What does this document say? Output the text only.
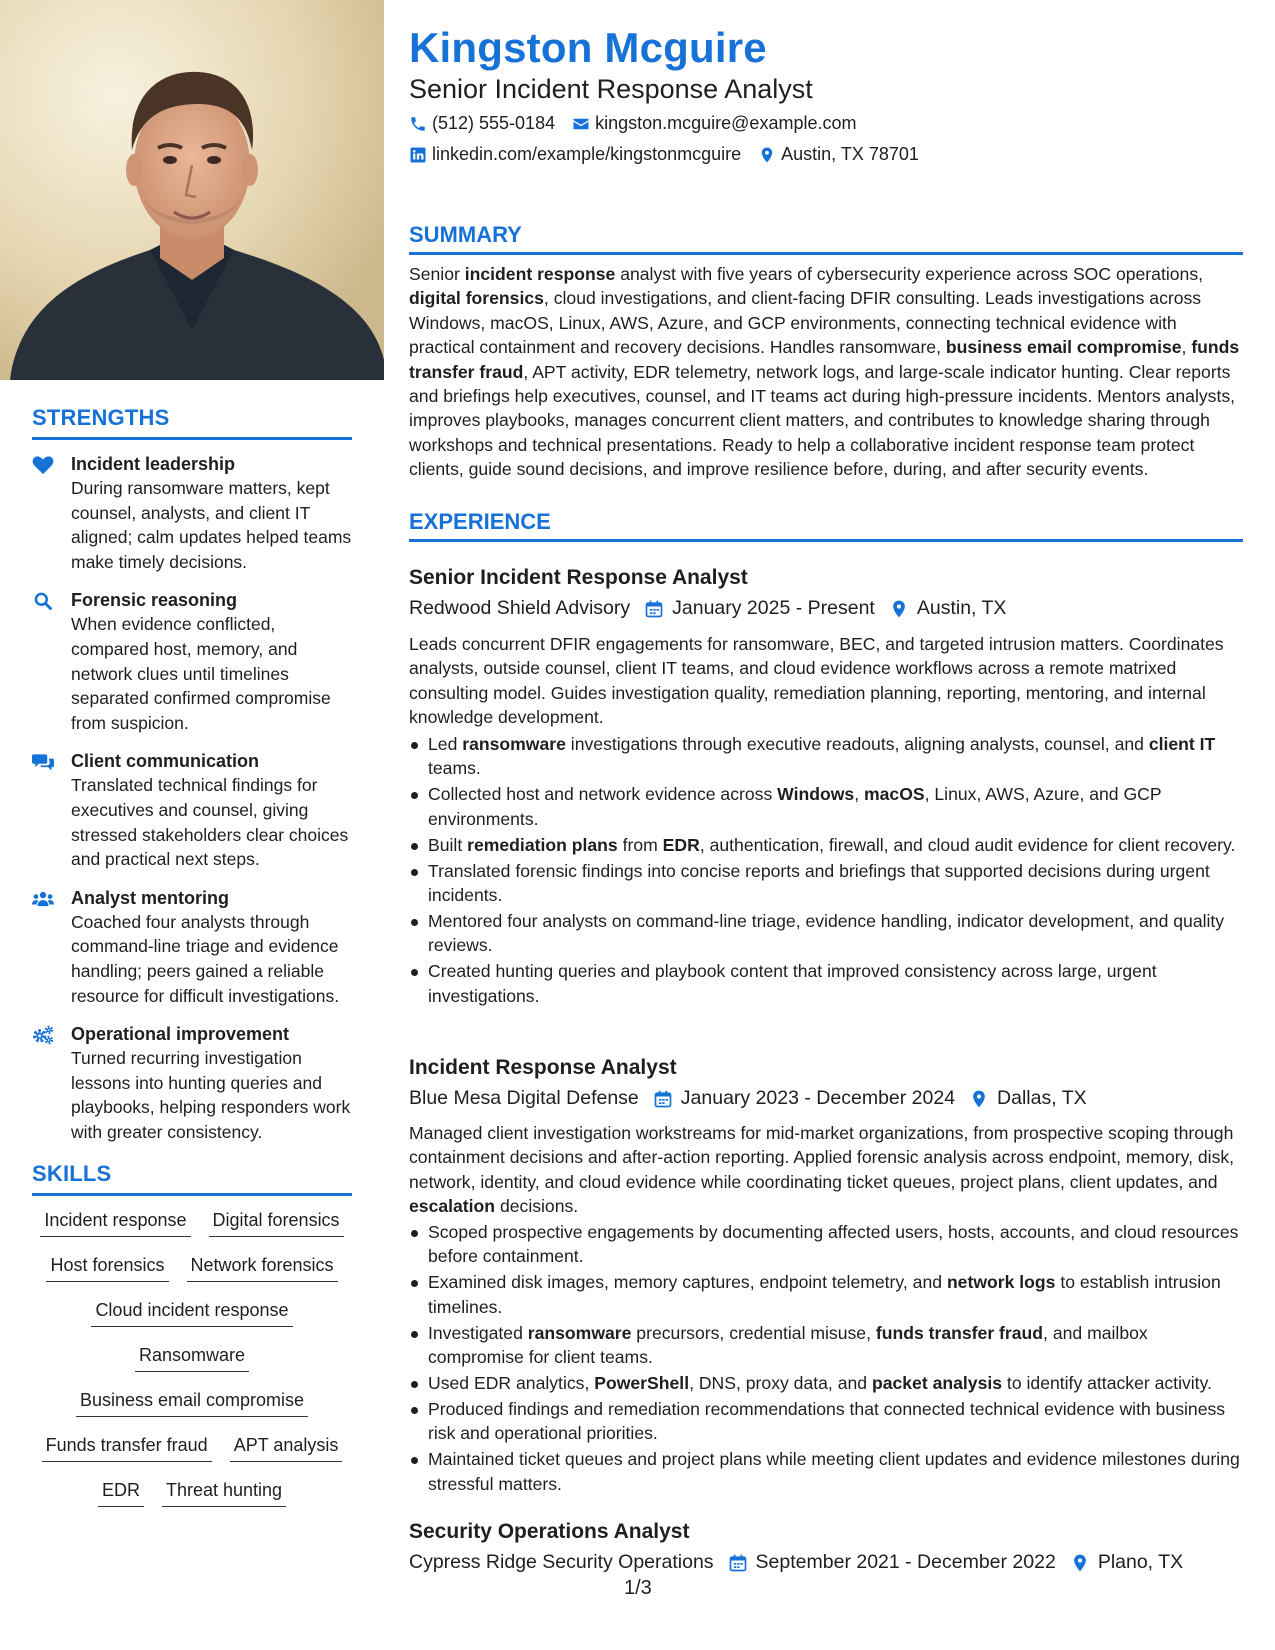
STRENGTHS
Incident leadership
During ransomware matters, kept counsel, analysts, and client IT aligned; calm updates helped teams make timely decisions.
Forensic reasoning
When evidence conflicted, compared host, memory, and network clues until timelines separated confirmed compromise from suspicion.
Client communication
Translated technical findings for executives and counsel, giving stressed stakeholders clear choices and practical next steps.
Analyst mentoring
Coached four analysts through command-line triage and evidence handling; peers gained a reliable resource for difficult investigations.
Operational improvement
Turned recurring investigation lessons into hunting queries and playbooks, helping responders work with greater consistency.
SKILLS
Incident response Digital forensics
Host forensics Network forensics
Cloud incident response
Ransomware
Business email compromise
Funds transfer fraud APT analysis
EDR Threat hunting
Kingston Mcguire
Senior Incident Response Analyst
(512) 555-0184 kingston.mcguire@example.com
linkedin.com/example/kingstonmcguire Austin, TX 78701
SUMMARY
Senior incident response analyst with five years of cybersecurity experience across SOC operations, digital forensics, cloud investigations, and client-facing DFIR consulting. Leads investigations across Windows, macOS, Linux, AWS, Azure, and GCP environments, connecting technical evidence with practical containment and recovery decisions. Handles ransomware, business email compromise, funds transfer fraud, APT activity, EDR telemetry, network logs, and large-scale indicator hunting. Clear reports and briefings help executives, counsel, and IT teams act during high-pressure incidents. Mentors analysts, improves playbooks, manages concurrent client matters, and contributes to knowledge sharing through workshops and technical presentations. Ready to help a collaborative incident response team protect clients, guide sound decisions, and improve resilience before, during, and after security events.
EXPERIENCE
Senior Incident Response Analyst
Redwood Shield Advisory January 2025 - Present Austin, TX
Leads concurrent DFIR engagements for ransomware, BEC, and targeted intrusion matters. Coordinates analysts, outside counsel, client IT teams, and cloud evidence workflows across a remote matrixed consulting model. Guides investigation quality, remediation planning, reporting, mentoring, and internal knowledge development.
Led ransomware investigations through executive readouts, aligning analysts, counsel, and client IT teams.
Collected host and network evidence across Windows, macOS, Linux, AWS, Azure, and GCP environments.
Built remediation plans from EDR, authentication, firewall, and cloud audit evidence for client recovery.
Translated forensic findings into concise reports and briefings that supported decisions during urgent incidents.
Mentored four analysts on command-line triage, evidence handling, indicator development, and quality reviews.
Created hunting queries and playbook content that improved consistency across large, urgent investigations.
Incident Response Analyst
Blue Mesa Digital Defense January 2023 - December 2024 Dallas, TX
Managed client investigation workstreams for mid-market organizations, from prospective scoping through containment decisions and after-action reporting. Applied forensic analysis across endpoint, memory, disk, network, identity, and cloud evidence while coordinating ticket queues, project plans, client updates, and escalation decisions.
Scoped prospective engagements by documenting affected users, hosts, accounts, and cloud resources before containment.
Examined disk images, memory captures, endpoint telemetry, and network logs to establish intrusion timelines.
Investigated ransomware precursors, credential misuse, funds transfer fraud, and mailbox compromise for client teams.
Used EDR analytics, PowerShell, DNS, proxy data, and packet analysis to identify attacker activity.
Produced findings and remediation recommendations that connected technical evidence with business risk and operational priorities.
Maintained ticket queues and project plans while meeting client updates and evidence milestones during stressful matters.
Security Operations Analyst
Cypress Ridge Security Operations September 2021 - December 2022 Plano, TX
1/3
